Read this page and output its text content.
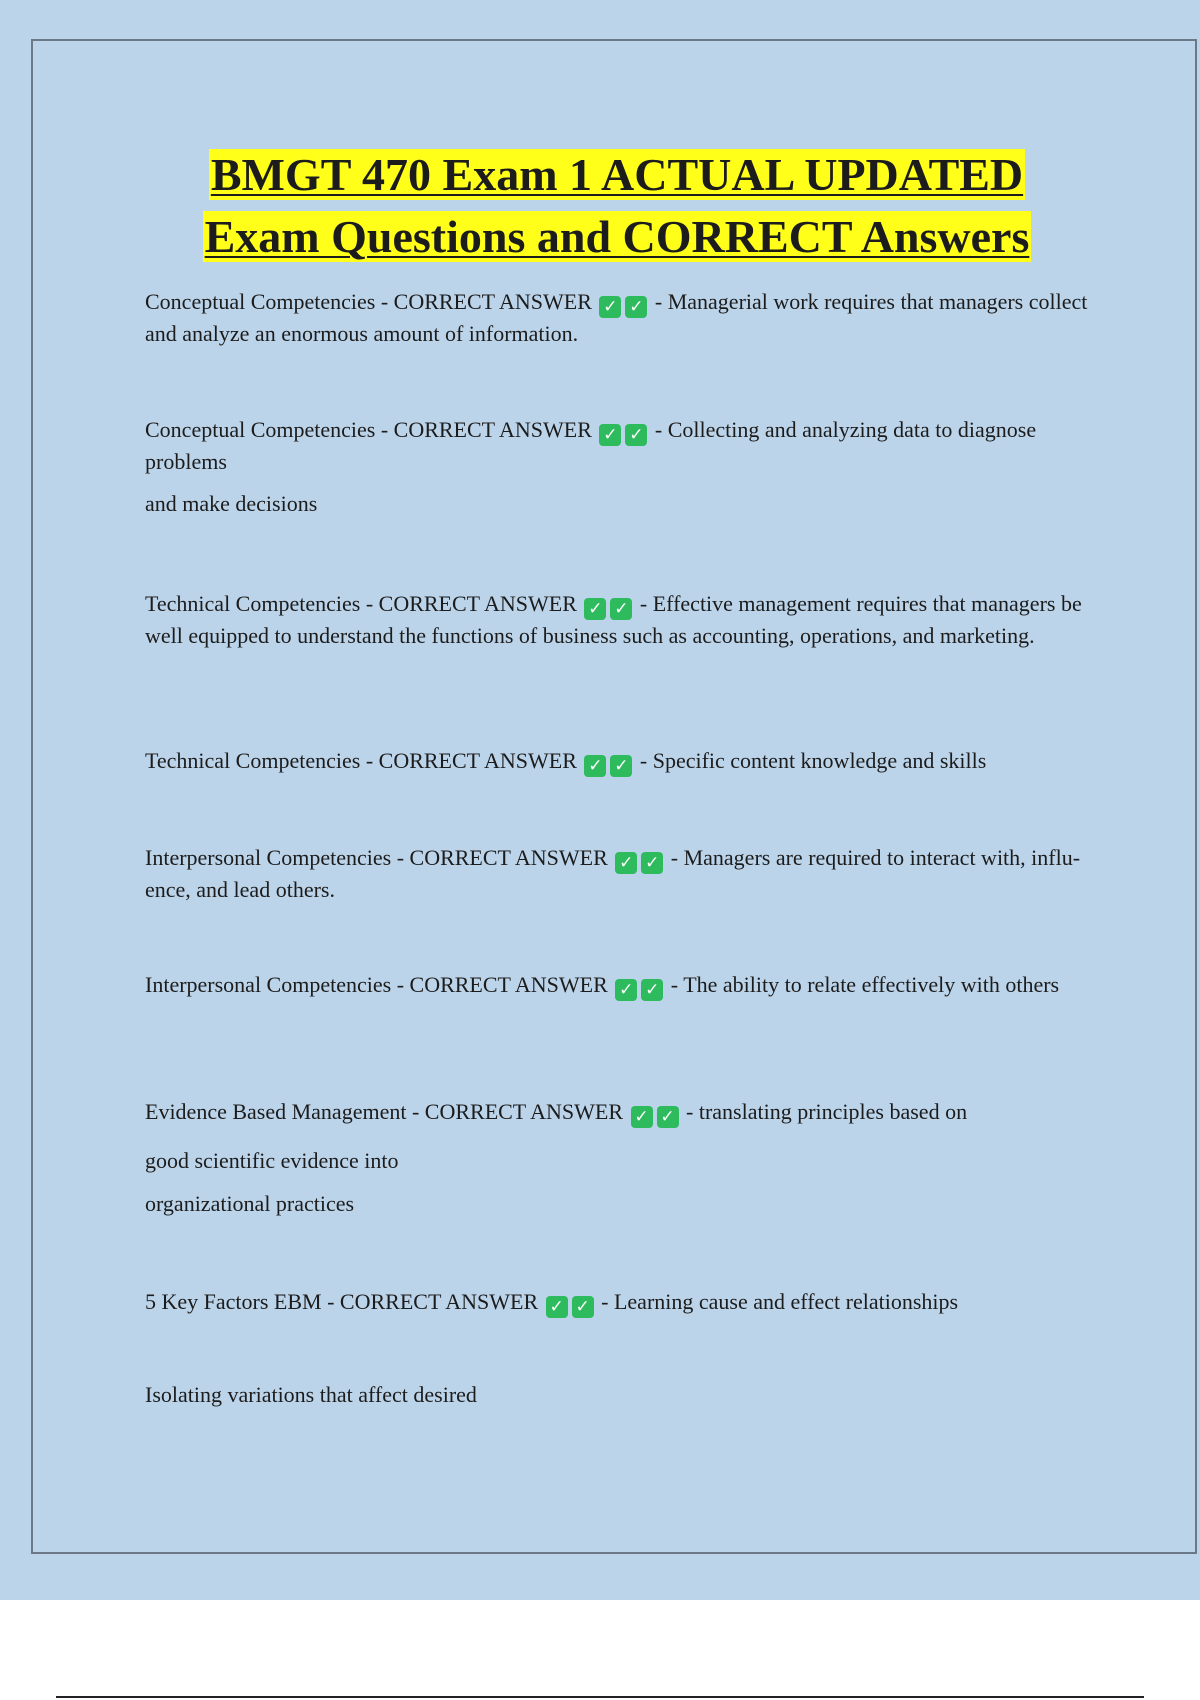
BMGT 470 Exam 1 ACTUAL UPDATED
Exam Questions and CORRECT Answers

Conceptual Competencies - CORRECT ANSWER ✓ ✓ - Managerial work requires that managers collect and analyze an enormous amount of information.

Conceptual Competencies - CORRECT ANSWER ✓ ✓ - Collecting and analyzing data to diagnose problems

and make decisions

Technical Competencies - CORRECT ANSWER ✓ ✓ - Effective management requires that managers be well equipped to understand the functions of business such as accounting, operations, and marketing.

Technical Competencies - CORRECT ANSWER ✓ ✓ - Specific content knowledge and skills

Interpersonal Competencies - CORRECT ANSWER ✓ ✓ - Managers are required to interact with, influ-ence, and lead others.

Interpersonal Competencies - CORRECT ANSWER ✓ ✓ - The ability to relate effectively with others

Evidence Based Management - CORRECT ANSWER ✓ ✓ - translating principles based on

good scientific evidence into

organizational practices

5 Key Factors EBM - CORRECT ANSWER ✓ ✓ - Learning cause and effect relationships

Isolating variations that affect desired
